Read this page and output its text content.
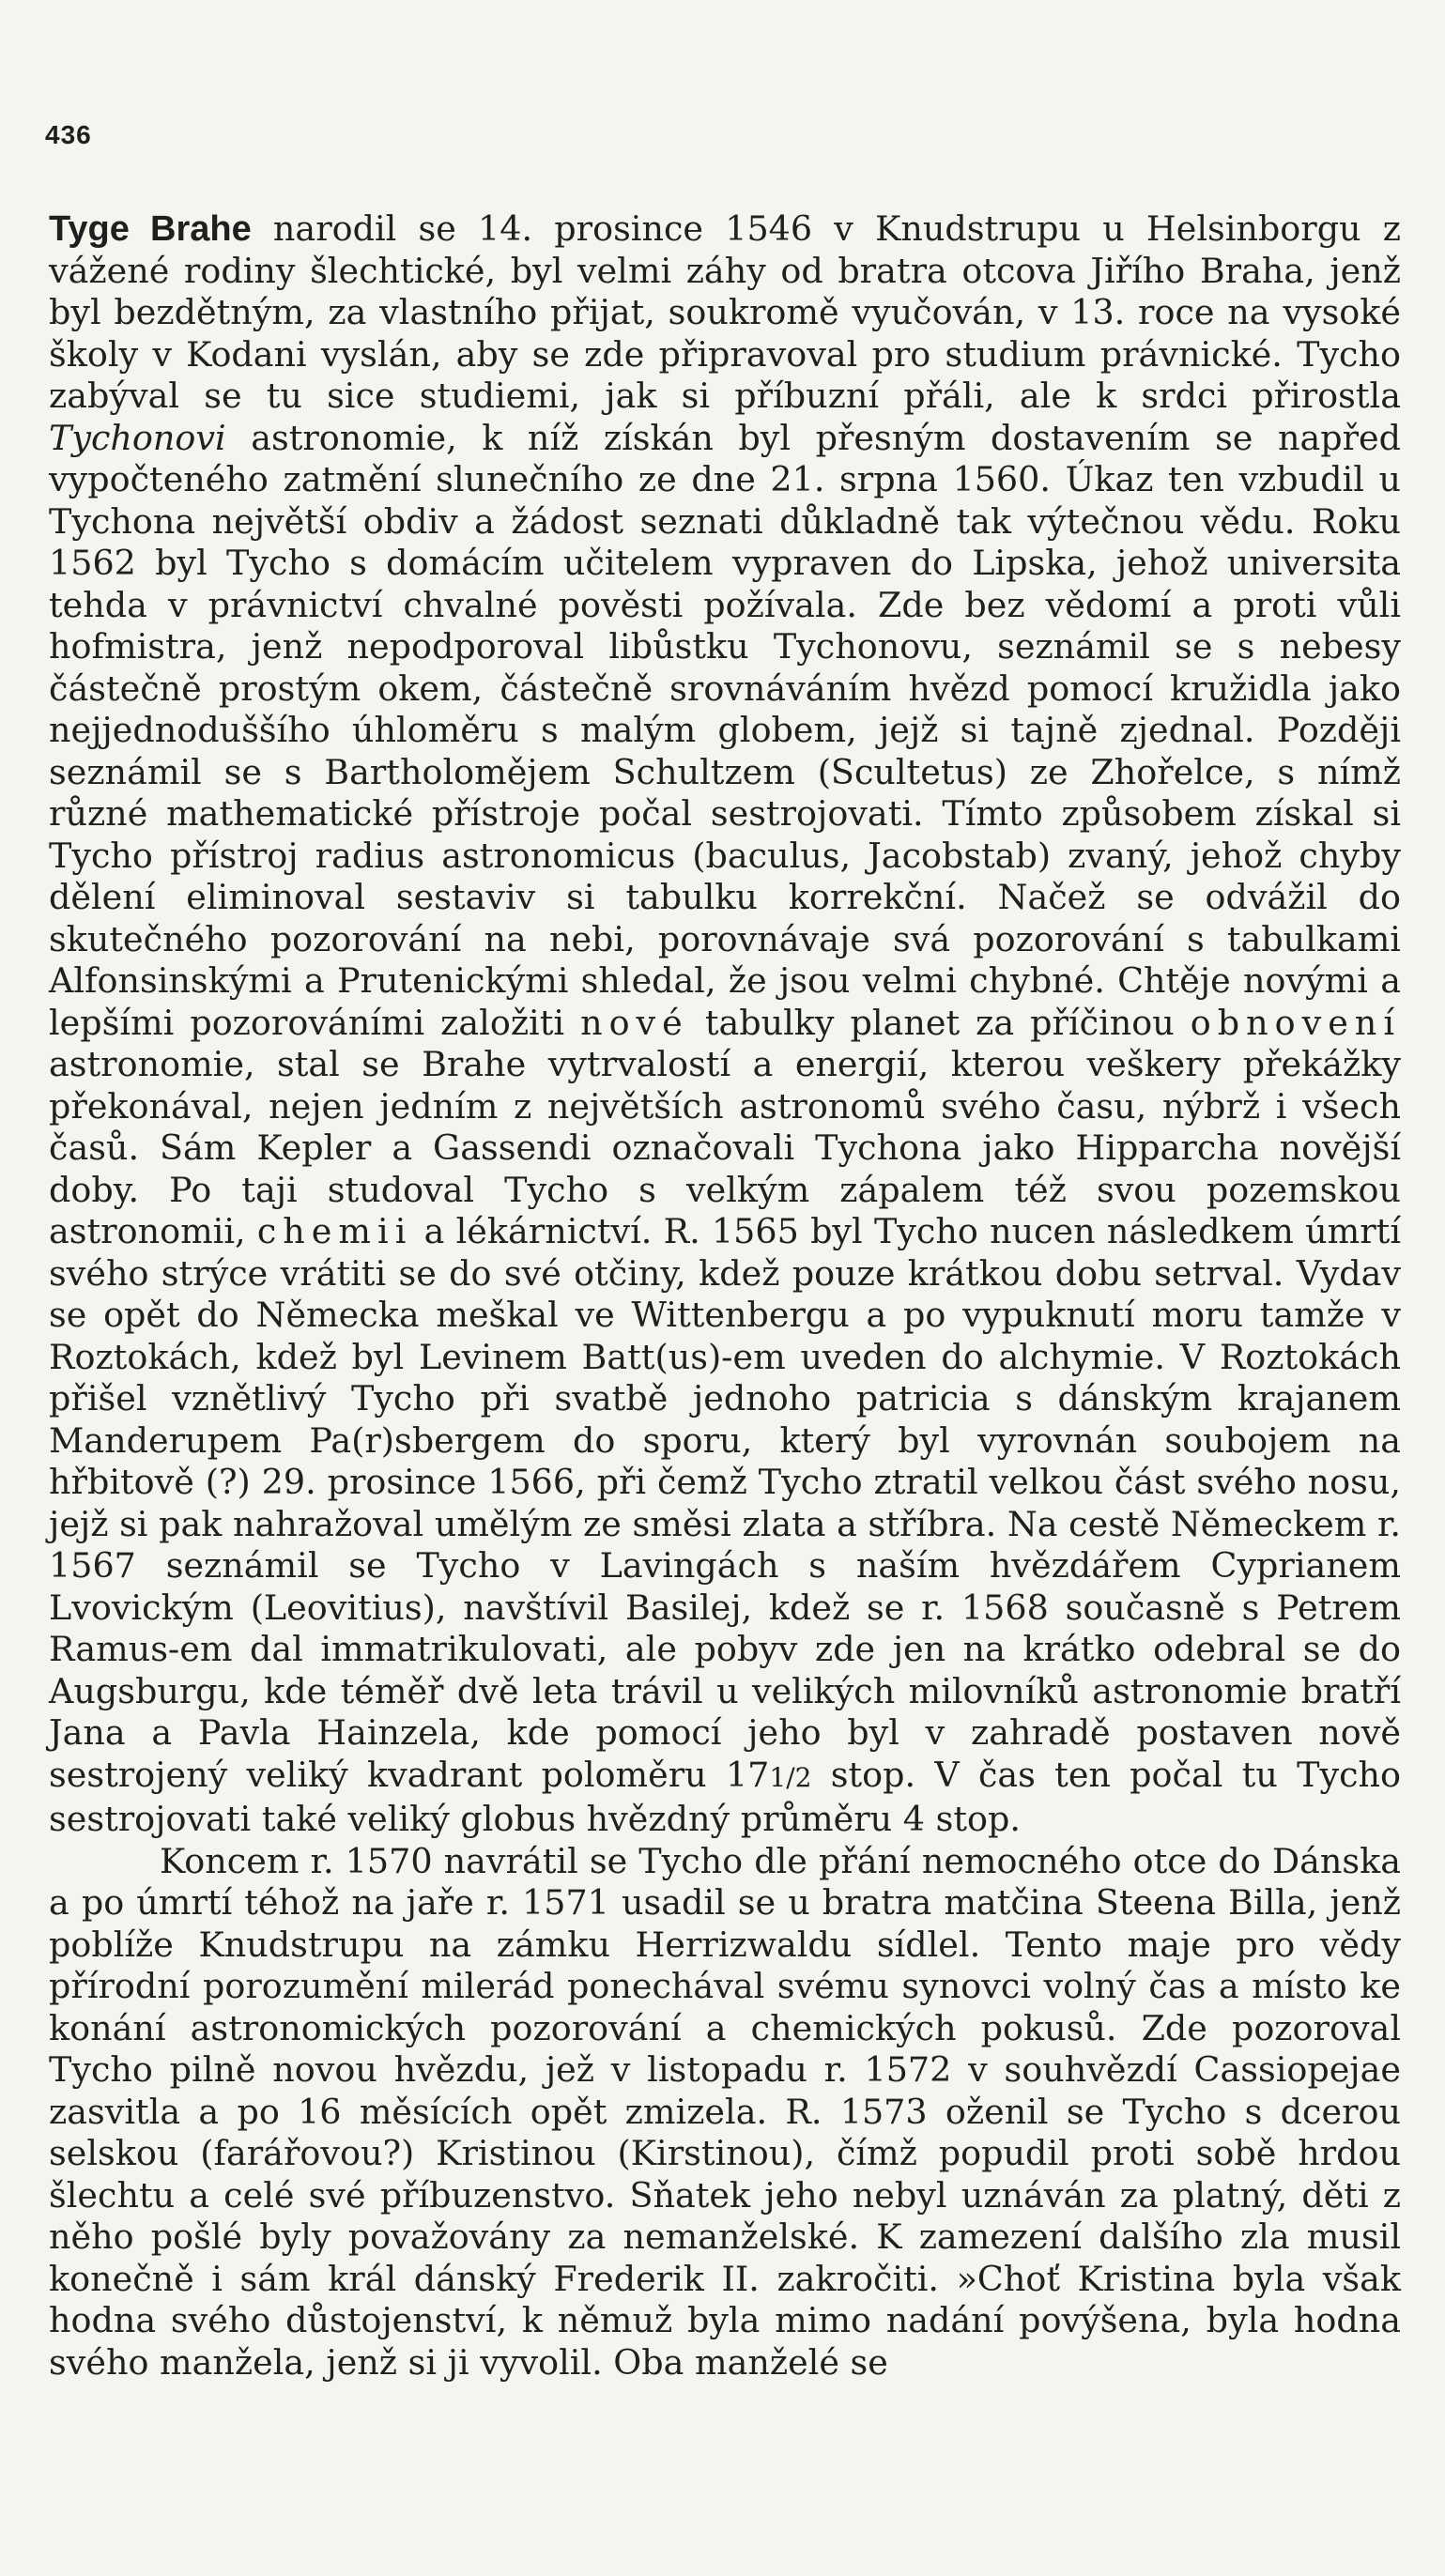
436

Tyge Brahe narodil se 14. prosince 1546 v Knudstrupu u Helsinborgu z vážené rodiny šlechtické, byl velmi záhy od bratra otcova Jiřího Braha, jenž byl bezdětným, za vlastního přijat, soukromě vyučován, v 13. roce na vysoké školy v Kodani vyslán, aby se zde připravoval pro studium právnické. Tycho zabýval se tu sice studiemi, jak si příbuzní přáli, ale k srdci přirostla Tychonovi astronomie, k níž získán byl přesným dostavením se napřed vypočteného zatmění slunečního ze dne 21. srpna 1560. Úkaz ten vzbudil u Tychona největší obdiv a žádost seznati důkladně tak výtečnou vědu. Roku 1562 byl Tycho s domácím učitelem vypraven do Lipska, jehož universita tehda v právnictví chvalné pověsti požívala. Zde bez vědomí a proti vůli hofmistra, jenž nepodporoval libůstku Tychonovu, seznámil se s nebesy částečně prostým okem, částečně srovnáváním hvězd pomocí kružidla jako nejjednoduššího úhloměru s malým globem, jejž si tajně zjednal. Později seznámil se s Bartholomějem Schultzem (Scultetus) ze Zhořelce, s nímž různé mathematické přístroje počal sestrojovati. Tímto způsobem získal si Tycho přístroj radius astronomicus (baculus, Jacobstab) zvaný, jehož chyby dělení eliminoval sestaviv si tabulku korrekční. Načež se odvážil do skutečného pozorování na nebi, porovnávaje svá pozorování s tabulkami Alfonsinskými a Prutenickými shledal, že jsou velmi chybné. Chtěje novými a lepšími pozorováními založiti nové tabulky planet za příčinou obnovení astronomie, stal se Brahe vytrvalostí a energií, kterou veškery překážky překonával, nejen jedním z největších astronomů svého času, nýbrž i všech časů. Sám Kepler a Gassendi označovali Tychona jako Hipparcha novější doby. Po taji studoval Tycho s velkým zápalem též svou pozemskou astronomii, chemii a lékárnictví. R. 1565 byl Tycho nucen následkem úmrtí svého strýce vrátiti se do své otčiny, kdež pouze krátkou dobu setrval. Vydav se opět do Německa meškal ve Wittenbergu a po vypuknutí moru tamže v Roztokách, kdež byl Levinem Batt(us)-em uveden do alchymie. V Roztokách přišel vznětlivý Tycho při svatbě jednoho patricia s dánským krajanem Manderupem Pa(r)sbergem do sporu, který byl vyrovnán soubojem na hřbitově (?) 29. prosince 1566, při čemž Tycho ztratil velkou část svého nosu, jejž si pak nahražoval umělým ze směsi zlata a stříbra. Na cestě Německem r. 1567 seznámil se Tycho v Lavingách s naším hvězdářem Cyprianem Lvovickým (Leovitius), navštívil Basilej, kdež se r. 1568 současně s Petrem Ramus-em dal immatrikulovati, ale pobyv zde jen na krátko odebral se do Augsburgu, kde téměř dvě leta trávil u velikých milovníků astronomie bratří Jana a Pavla Hainzela, kde pomocí jeho byl v zahradě postaven nově sestrojený veliký kvadrant poloměru 171/2 stop. V čas ten počal tu Tycho sestrojovati také veliký globus hvězdný průměru 4 stop.

Koncem r. 1570 navrátil se Tycho dle přání nemocného otce do Dánska a po úmrtí téhož na jaře r. 1571 usadil se u bratra matčina Steena Billa, jenž poblíže Knudstrupu na zámku Herrizwaldu sídlel. Tento maje pro vědy přírodní porozumění milerád ponechával svému synovci volný čas a místo ke konání astronomických pozorování a chemických pokusů. Zde pozoroval Tycho pilně novou hvězdu, jež v listopadu r. 1572 v souhvězdí Cassiopejae zasvitla a po 16 měsících opět zmizela. R. 1573 oženil se Tycho s dcerou selskou (farářovou?) Kristinou (Kirstinou), čímž popudil proti sobě hrdou šlechtu a celé své příbuzenstvo. Sňatek jeho nebyl uznáván za platný, děti z něho pošlé byly považovány za nemanželské. K zamezení dalšího zla musil konečně i sám král dánský Frederik II. zakročiti. »Choť Kristina byla však hodna svého důstojenství, k němuž byla mimo nadání povýšena, byla hodna svého manžela, jenž si ji vyvolil. Oba manželé se
